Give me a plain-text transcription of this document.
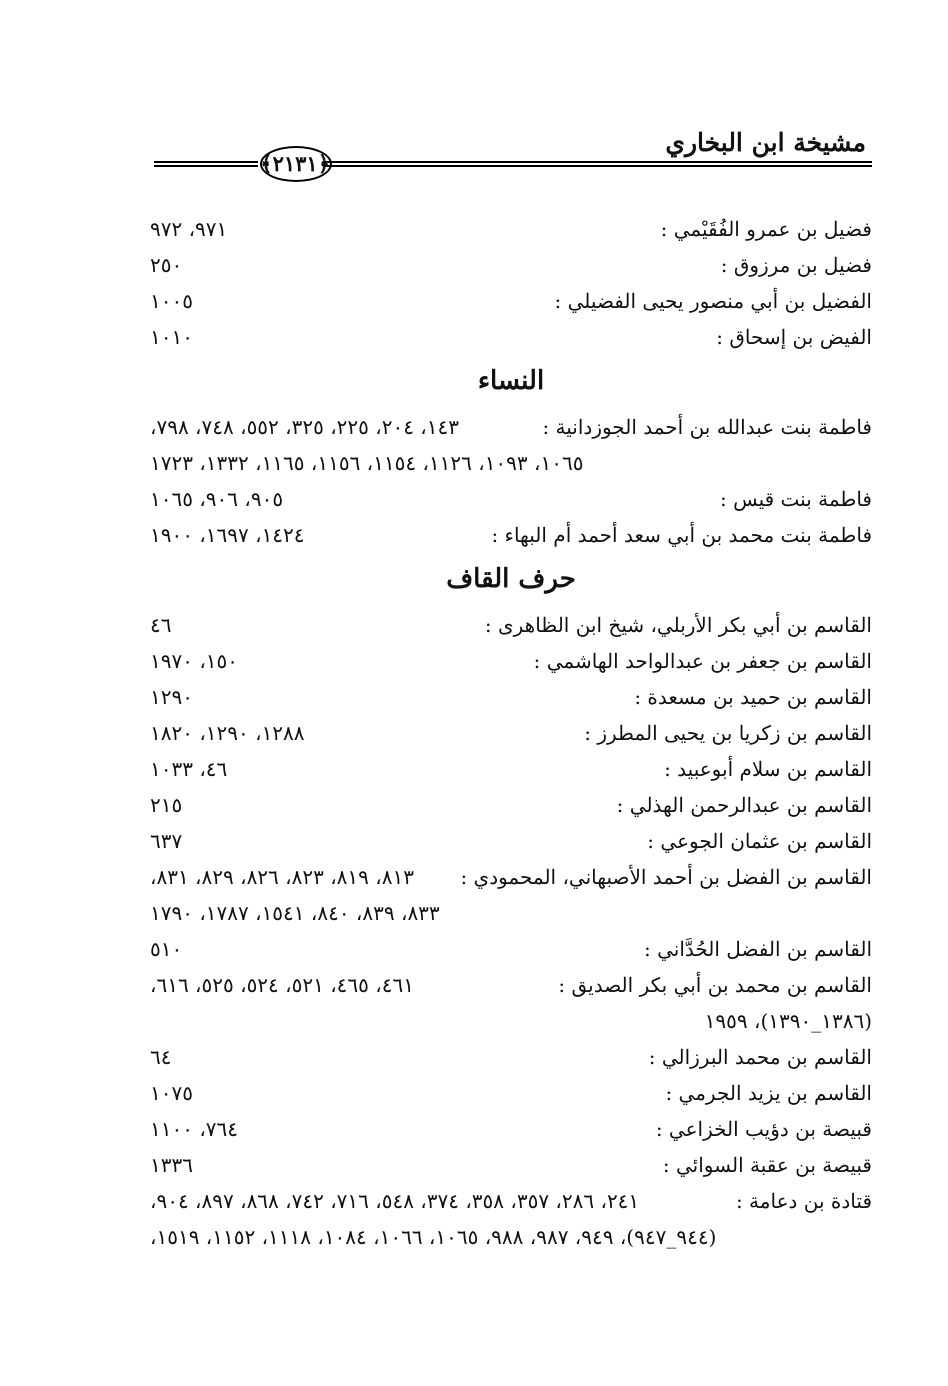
مشيخة ابن البخاري
﴿٢١٣١﴾
فضيل بن عمرو الفُقَيْمي :
٩٧١، ٩٧٢
فضيل بن مرزوق :
٢٥٠
الفضيل بن أبي منصور يحيى الفضيلي :
١٠٠٥
الفيض بن إسحاق :
١٠١٠
النساء
فاطمة بنت عبدالله بن أحمد الجوزدانية :
١٤٣، ٢٠٤، ٢٢٥، ٣٢٥، ٥٥٢، ٧٤٨، ٧٩٨،
١٠٦٥، ١٠٩٣، ١١٢٦، ١١٥٤، ١١٥٦، ١١٦٥، ١٣٣٢، ١٧٢٣
فاطمة بنت قيس :
٩٠٥، ٩٠٦، ١٠٦٥
فاطمة بنت محمد بن أبي سعد أحمد أم البهاء :
١٤٢٤، ١٦٩٧، ١٩٠٠
حرف القاف
القاسم بن أبي بكر الأربلي، شيخ ابن الظاهرى :
٤٦
القاسم بن جعفر بن عبدالواحد الهاشمي :
١٥٠، ١٩٧٠
القاسم بن حميد بن مسعدة :
١٢٩٠
القاسم بن زكريا بن يحيى المطرز :
١٢٨٨، ١٢٩٠، ١٨٢٠
القاسم بن سلام أبوعبيد :
٤٦، ١٠٣٣
القاسم بن عبدالرحمن الهذلي :
٢١٥
القاسم بن عثمان الجوعي :
٦٣٧
القاسم بن الفضل بن أحمد الأصبهاني، المحمودي :
٨١٣، ٨١٩، ٨٢٣، ٨٢٦، ٨٢٩، ٨٣١،
٨٣٣، ٨٣٩، ٨٤٠، ١٥٤١، ١٧٨٧، ١٧٩٠
القاسم بن الفضل الحُدَّاني :
٥١٠
القاسم بن محمد بن أبي بكر الصديق :
٤٦١، ٤٦٥، ٥٢١، ٥٢٤، ٥٢٥، ٦١٦،
(١٣٨٦_١٣٩٠)، ١٩٥٩
القاسم بن محمد البرزالي :
٦٤
القاسم بن يزيد الجرمي :
١٠٧٥
قبيصة بن دؤيب الخزاعي :
٧٦٤، ١١٠٠
قبيصة بن عقبة السوائي :
١٣٣٦
قتادة بن دعامة :
٢٤١، ٢٨٦، ٣٥٧، ٣٥٨، ٣٧٤، ٥٤٨، ٧١٦، ٧٤٢، ٨٦٨، ٨٩٧، ٩٠٤،
(٩٤٤_٩٤٧)، ٩٤٩، ٩٨٧، ٩٨٨، ١٠٦٥، ١٠٦٦، ١٠٨٤، ١١١٨، ١١٥٢، ١٥١٩،
